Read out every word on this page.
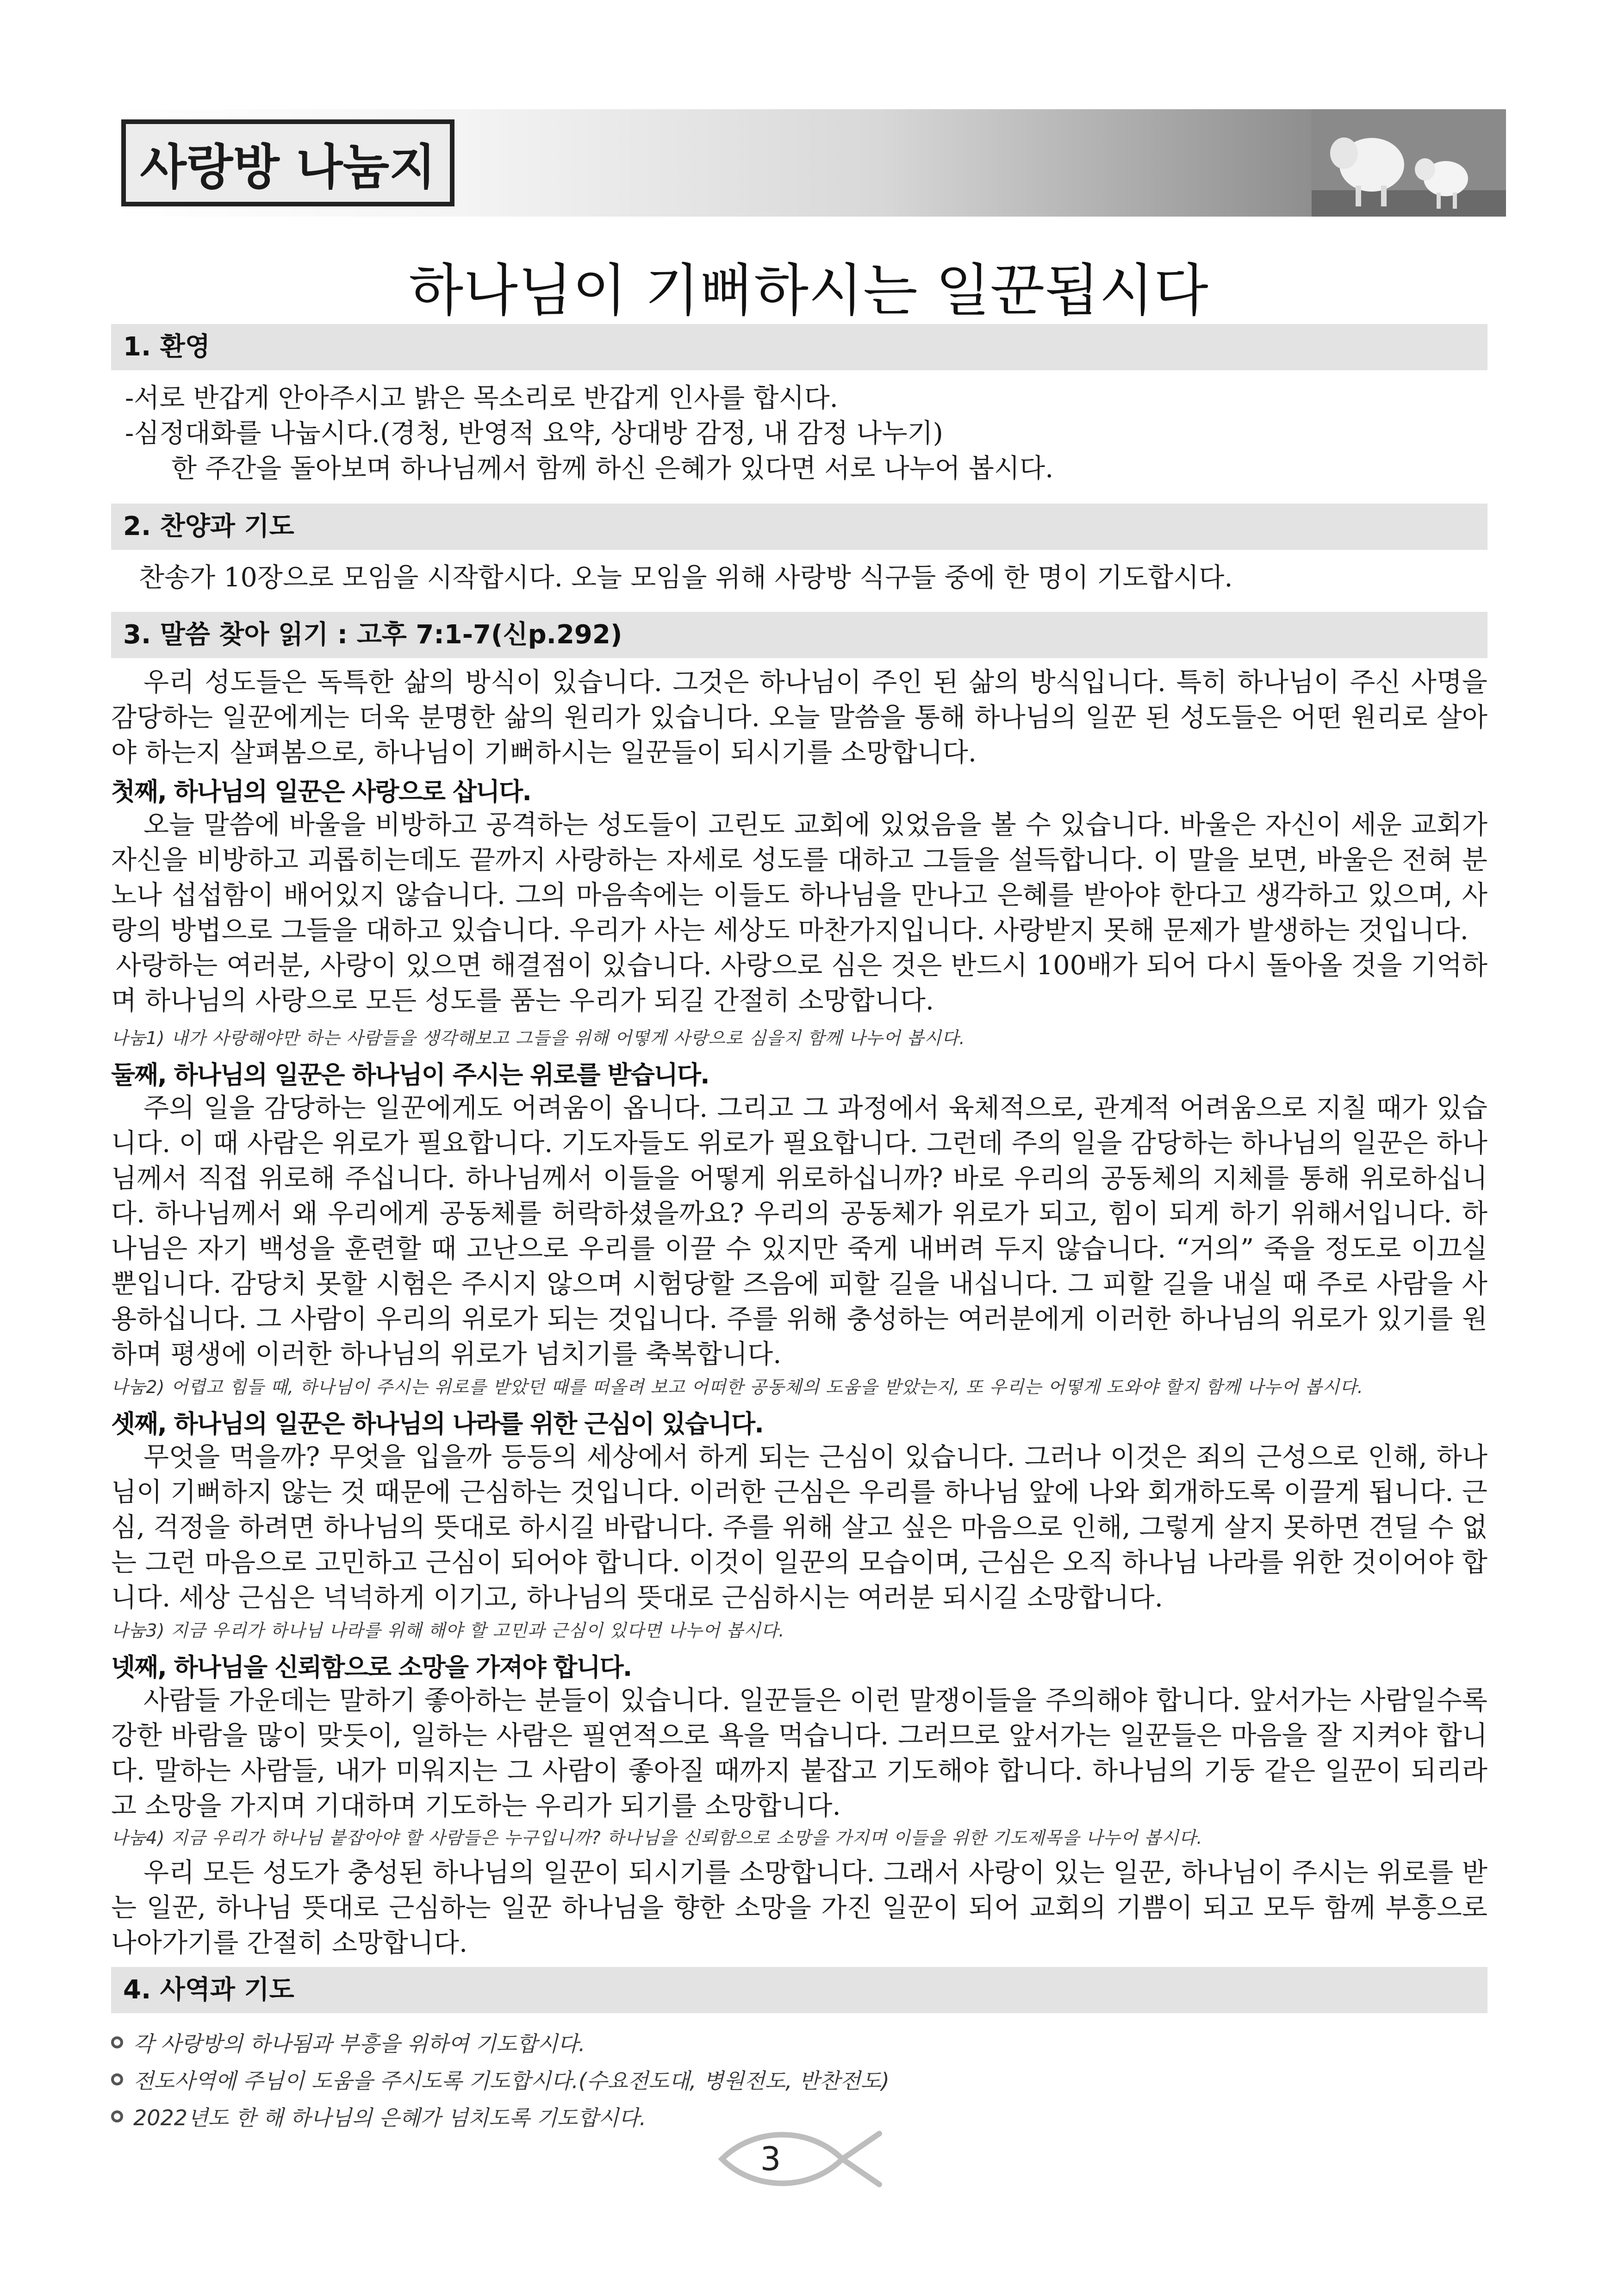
사랑방 나눔지
하나님이 기뻐하시는 일꾼됩시다
1. 환영
-서로 반갑게 안아주시고 밝은 목소리로 반갑게 인사를 합시다.
-심정대화를 나눕시다.(경청, 반영적 요약, 상대방 감정, 내 감정 나누기)
한 주간을 돌아보며 하나님께서 함께 하신 은혜가 있다면 서로 나누어 봅시다.
2. 찬양과 기도
찬송가 10장으로 모임을 시작합시다. 오늘 모임을 위해 사랑방 식구들 중에 한 명이 기도합시다.
3. 말씀 찾아 읽기 : 고후 7:1-7(신p.292)

우리 성도들은 독특한 삶의 방식이 있습니다. 그것은 하나님이 주인 된 삶의 방식입니다. 특히 하나님이 주신 사명을 감당하는 일꾼에게는 더욱 분명한 삶의 원리가 있습니다. 오늘 말씀을 통해 하나님의 일꾼 된 성도들은 어떤 원리로 살아야 하는지 살펴봄으로, 하나님이 기뻐하시는 일꾼들이 되시기를 소망합니다.

첫째, 하나님의 일꾼은 사랑으로 삽니다.

오늘 말씀에 바울을 비방하고 공격하는 성도들이 고린도 교회에 있었음을 볼 수 있습니다. 바울은 자신이 세운 교회가 자신을 비방하고 괴롭히는데도 끝까지 사랑하는 자세로 성도를 대하고 그들을 설득합니다. 이 말을 보면, 바울은 전혀 분노나 섭섭함이 배어있지 않습니다. 그의 마음속에는 이들도 하나님을 만나고 은혜를 받아야 한다고 생각하고 있으며, 사랑의 방법으로 그들을 대하고 있습니다. 우리가 사는 세상도 마찬가지입니다. 사랑받지 못해 문제가 발생하는 것입니다.

사랑하는 여러분, 사랑이 있으면 해결점이 있습니다. 사랑으로 심은 것은 반드시 100배가 되어 다시 돌아올 것을 기억하며 하나님의 사랑으로 모든 성도를 품는 우리가 되길 간절히 소망합니다.

나눔1) 내가 사랑해야만 하는 사람들을 생각해보고 그들을 위해 어떻게 사랑으로 심을지 함께 나누어 봅시다.
둘째, 하나님의 일꾼은 하나님이 주시는 위로를 받습니다.

주의 일을 감당하는 일꾼에게도 어려움이 옵니다. 그리고 그 과정에서 육체적으로, 관계적 어려움으로 지칠 때가 있습니다. 이 때 사람은 위로가 필요합니다. 기도자들도 위로가 필요합니다. 그런데 주의 일을 감당하는 하나님의 일꾼은 하나님께서 직접 위로해 주십니다. 하나님께서 이들을 어떻게 위로하십니까? 바로 우리의 공동체의 지체를 통해 위로하십니다. 하나님께서 왜 우리에게 공동체를 허락하셨을까요? 우리의 공동체가 위로가 되고, 힘이 되게 하기 위해서입니다. 하나님은 자기 백성을 훈련할 때 고난으로 우리를 이끌 수 있지만 죽게 내버려 두지 않습니다. “거의” 죽을 정도로 이끄실 뿐입니다. 감당치 못할 시험은 주시지 않으며 시험당할 즈음에 피할 길을 내십니다. 그 피할 길을 내실 때 주로 사람을 사용하십니다. 그 사람이 우리의 위로가 되는 것입니다. 주를 위해 충성하는 여러분에게 이러한 하나님의 위로가 있기를 원하며 평생에 이러한 하나님의 위로가 넘치기를 축복합니다.

나눔2) 어렵고 힘들 때, 하나님이 주시는 위로를 받았던 때를 떠올려 보고 어떠한 공동체의 도움을 받았는지, 또 우리는 어떻게 도와야 할지 함께 나누어 봅시다.
셋째, 하나님의 일꾼은 하나님의 나라를 위한 근심이 있습니다.

무엇을 먹을까? 무엇을 입을까 등등의 세상에서 하게 되는 근심이 있습니다. 그러나 이것은 죄의 근성으로 인해, 하나님이 기뻐하지 않는 것 때문에 근심하는 것입니다. 이러한 근심은 우리를 하나님 앞에 나와 회개하도록 이끌게 됩니다. 근심, 걱정을 하려면 하나님의 뜻대로 하시길 바랍니다. 주를 위해 살고 싶은 마음으로 인해, 그렇게 살지 못하면 견딜 수 없는 그런 마음으로 고민하고 근심이 되어야 합니다. 이것이 일꾼의 모습이며, 근심은 오직 하나님 나라를 위한 것이어야 합니다. 세상 근심은 넉넉하게 이기고, 하나님의 뜻대로 근심하시는 여러분 되시길 소망합니다.

나눔3) 지금 우리가 하나님 나라를 위해 해야 할 고민과 근심이 있다면 나누어 봅시다.
넷째, 하나님을 신뢰함으로 소망을 가져야 합니다.

사람들 가운데는 말하기 좋아하는 분들이 있습니다. 일꾼들은 이런 말쟁이들을 주의해야 합니다. 앞서가는 사람일수록 강한 바람을 많이 맞듯이, 일하는 사람은 필연적으로 욕을 먹습니다. 그러므로 앞서가는 일꾼들은 마음을 잘 지켜야 합니다. 말하는 사람들, 내가 미워지는 그 사람이 좋아질 때까지 붙잡고 기도해야 합니다. 하나님의 기둥 같은 일꾼이 되리라고 소망을 가지며 기대하며 기도하는 우리가 되기를 소망합니다.

나눔4) 지금 우리가 하나님 붙잡아야 할 사람들은 누구입니까? 하나님을 신뢰함으로 소망을 가지며 이들을 위한 기도제목을 나누어 봅시다.

우리 모든 성도가 충성된 하나님의 일꾼이 되시기를 소망합니다. 그래서 사랑이 있는 일꾼, 하나님이 주시는 위로를 받는 일꾼, 하나님 뜻대로 근심하는 일꾼 하나님을 향한 소망을 가진 일꾼이 되어 교회의 기쁨이 되고 모두 함께 부흥으로 나아가기를 간절히 소망합니다.

4. 사역과 기도
각 사랑방의 하나됨과 부흥을 위하여 기도합시다.
전도사역에 주님이 도움을 주시도록 기도합시다.(수요전도대, 병원전도, 반찬전도)
2022년도 한 해 하나님의 은혜가 넘치도록 기도합시다.
3
